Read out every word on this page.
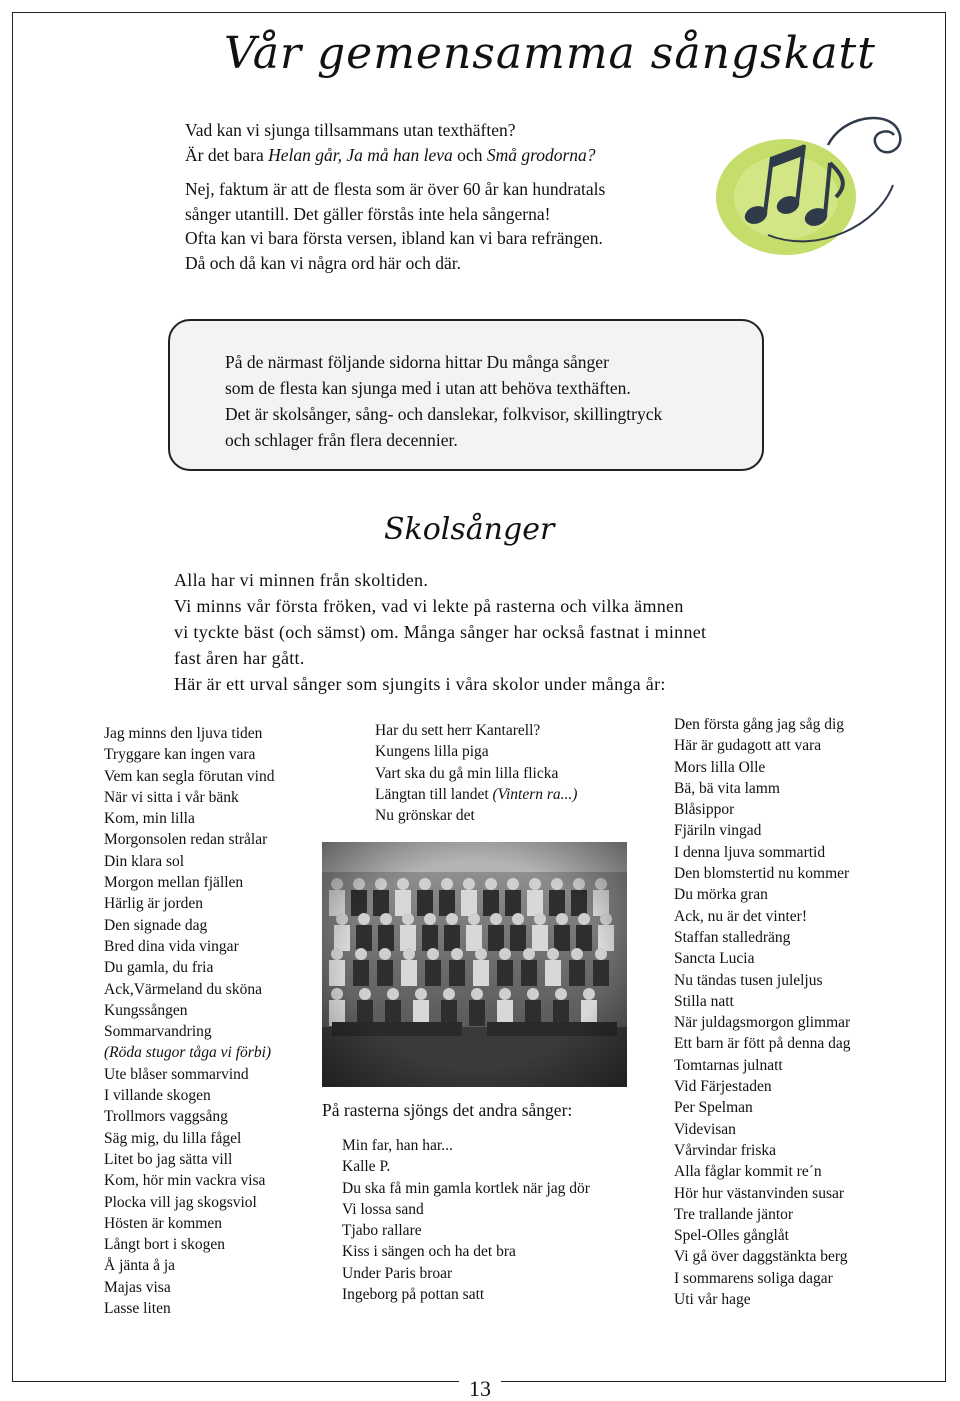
Vår gemensamma sångskatt

Vad kan vi sjunga tillsammans utan texthäften?

Är det bara Helan går, Ja må han leva och Små grodorna?

Nej, faktum är att de flesta som är över 60 år kan hundratals

sånger utantill. Det gäller förstås inte hela sångerna!

Ofta kan vi bara första versen, ibland kan vi bara refrängen.

Då och då kan vi några ord här och där.

På de närmast följande sidorna hittar Du många sånger

som de flesta kan sjunga med i utan att behöva texthäften.

Det är skolsånger, sång- och danslekar, folkvisor, skillingtryck

och schlager från flera decennier.

Skolsånger

Alla har vi minnen från skoltiden.

Vi minns vår första fröken, vad vi lekte på rasterna och vilka ämnen

vi tyckte bäst (och sämst) om. Många sånger har också fastnat i minnet

fast åren har gått.

Här är ett urval sånger som sjungits i våra skolor under många år:

Jag minns den ljuva tiden
Tryggare kan ingen vara
Vem kan segla förutan vind
När vi sitta i vår bänk
Kom, min lilla
Morgonsolen redan strålar
Din klara sol
Morgon mellan fjällen
Härlig är jorden
Den signade dag
Bred dina vida vingar
Du gamla, du fria
Ack,Värmeland du sköna
Kungssången
Sommarvandring
(Röda stugor tåga vi förbi)
Ute blåser sommarvind
I villande skogen
Trollmors vaggsång
Säg mig, du lilla fågel
Litet bo jag sätta vill
Kom, hör min vackra visa
Plocka vill jag skogsviol
Hösten är kommen
Långt bort i skogen
Å jänta å ja
Majas visa
Lasse liten
Har du sett herr Kantarell?
Kungens lilla piga
Vart ska du gå min lilla flicka
Längtan till landet (Vintern ra...)
Nu grönskar det
På rasterna sjöngs det andra sånger:
Min far, han har...
Kalle P.
Du ska få min gamla kortlek när jag dör
Vi lossa sand
Tjabo rallare
Kiss i sängen och ha det bra
Under Paris broar
Ingeborg på pottan satt
Den första gång jag såg dig
Här är gudagott att vara
Mors lilla Olle
Bä, bä vita lamm
Blåsippor
Fjäriln vingad
I denna ljuva sommartid
Den blomstertid nu kommer
Du mörka gran
Ack, nu är det vinter!
Staffan stalledräng
Sancta Lucia
Nu tändas tusen juleljus
Stilla natt
När juldagsmorgon glimmar
Ett barn är fött på denna dag
Tomtarnas julnatt
Vid Färjestaden
Per Spelman
Videvisan
Vårvindar friska
Alla fåglar kommit re´n
Hör hur västanvinden susar
Tre trallande jäntor
Spel-Olles gånglåt
Vi gå över daggstänkta berg
I sommarens soliga dagar
Uti vår hage
13
